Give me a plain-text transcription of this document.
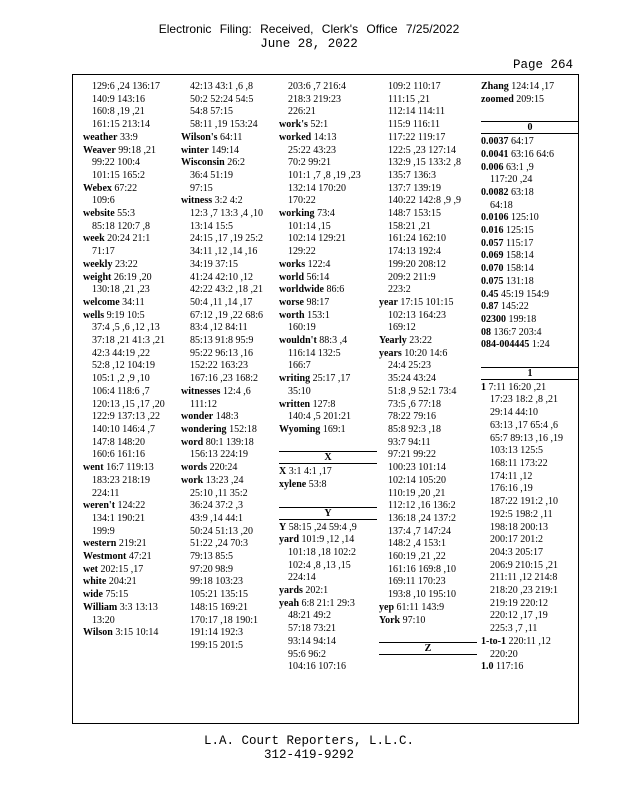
Electronic Filing: Received, Clerk's Office 7/25/2022
June 28, 2022
Page 264
129:6 ,24 136:17
140:9 143:16
160:8 ,19 ,21
161:15 213:14
weather 33:9
Weaver 99:18 ,21
99:22 100:4
101:15 165:2
Webex 67:22
109:6
website 55:3
85:18 120:7 ,8
week 20:24 21:1
71:17
weekly 23:22
weight 26:19 ,20
130:18 ,21 ,23
welcome 34:11
wells 9:19 10:5
37:4 ,5 ,6 ,12 ,13
37:18 ,21 41:3 ,21
42:3 44:19 ,22
52:8 ,12 104:19
105:1 ,2 ,9 ,10
106:4 118:6 ,7
120:13 ,15 ,17 ,20
122:9 137:13 ,22
140:10 146:4 ,7
147:8 148:20
160:6 161:16
went 16:7 119:13
183:23 218:19
224:11
weren't 124:22
134:1 190:21
199:9
western 219:21
Westmont 47:21
wet 202:15 ,17
white 204:21
wide 75:15
William 3:3 13:13
13:20
Wilson 3:15 10:14
42:13 43:1 ,6 ,8
50:2 52:24 54:5
54:8 57:15
58:11 ,19 153:24
Wilson's 64:11
winter 149:14
Wisconsin 26:2
36:4 51:19
97:15
witness 3:2 4:2
12:3 ,7 13:3 ,4 ,10
13:14 15:5
24:15 ,17 ,19 25:2
34:11 ,12 ,14 ,16
34:19 37:15
41:24 42:10 ,12
42:22 43:2 ,18 ,21
50:4 ,11 ,14 ,17
67:12 ,19 ,22 68:6
83:4 ,12 84:11
85:13 91:8 95:9
95:22 96:13 ,16
152:22 163:23
167:16 ,23 168:2
witnesses 12:4 ,6
111:12
wonder 148:3
wondering 152:18
word 80:1 139:18
156:13 224:19
words 220:24
work 13:23 ,24
25:10 ,11 35:2
36:24 37:2 ,3
43:9 ,14 44:1
50:24 51:13 ,20
51:22 ,24 70:3
79:13 85:5
97:20 98:9
99:18 103:23
105:21 135:15
148:15 169:21
170:17 ,18 190:1
191:14 192:3
199:15 201:5
203:6 ,7 216:4
218:3 219:23
226:21
work's 52:1
worked 14:13
25:22 43:23
70:2 99:21
101:1 ,7 ,8 ,19 ,23
132:14 170:20
170:22
working 73:4
101:14 ,15
102:14 129:21
129:22
works 122:4
world 56:14
worldwide 86:6
worse 98:17
worth 153:1
160:19
wouldn't 88:3 ,4
116:14 132:5
166:7
writing 25:17 ,17
35:10
written 127:8
140:4 ,5 201:21
Wyoming 169:1

X
X 3:1 4:1 ,17
xylene 53:8

Y
Y 58:15 ,24 59:4 ,9
yard 101:9 ,12 ,14
101:18 ,18 102:2
102:4 ,8 ,13 ,15
224:14
yards 202:1
yeah 6:8 21:1 29:3
48:21 49:2
57:18 73:21
93:14 94:14
95:6 96:2
104:16 107:16
109:2 110:17
111:15 ,21
112:14 114:11
115:9 116:11
117:22 119:17
122:5 ,23 127:14
132:9 ,15 133:2 ,8
135:7 136:3
137:7 139:19
140:22 142:8 ,9 ,9
148:7 153:15
158:21 ,21
161:24 162:10
174:13 192:4
199:20 208:12
209:2 211:9
223:2
year 17:15 101:15
102:13 164:23
169:12
Yearly 23:22
years 10:20 14:6
24:4 25:23
35:24 43:24
51:8 ,9 52:1 73:4
73:5 ,6 77:18
78:22 79:16
85:8 92:3 ,18
93:7 94:11
97:21 99:22
100:23 101:14
102:14 105:20
110:19 ,20 ,21
112:12 ,16 136:2
136:18 ,24 137:2
137:4 ,7 147:24
148:2 ,4 153:1
160:19 ,21 ,22
161:16 169:8 ,10
169:11 170:23
193:8 ,10 195:10
yep 61:11 143:9
York 97:10

Z
Zhang 124:14 ,17
zoomed 209:15

0
0.0037 64:17
0.0041 63:16 64:6
0.006 63:1 ,9
117:20 ,24
0.0082 63:18
64:18
0.0106 125:10
0.016 125:15
0.057 115:17
0.069 158:14
0.070 158:14
0.075 131:18
0.45 45:19 154:9
0.87 145:22
02300 199:18
08 136:7 203:4
084-004445 1:24

1
1 7:11 16:20 ,21
17:23 18:2 ,8 ,21
29:14 44:10
63:13 ,17 65:4 ,6
65:7 89:13 ,16 ,19
103:13 125:5
168:11 173:22
174:11 ,12
176:16 ,19
187:22 191:2 ,10
192:5 198:2 ,11
198:18 200:13
200:17 201:2
204:3 205:17
206:9 210:15 ,21
211:11 ,12 214:8
218:20 ,23 219:1
219:19 220:12
220:12 ,17 ,19
225:3 ,7 ,11
1-to-1 220:11 ,12
220:20
1.0 117:16
L.A. Court Reporters, L.L.C.
312-419-9292
